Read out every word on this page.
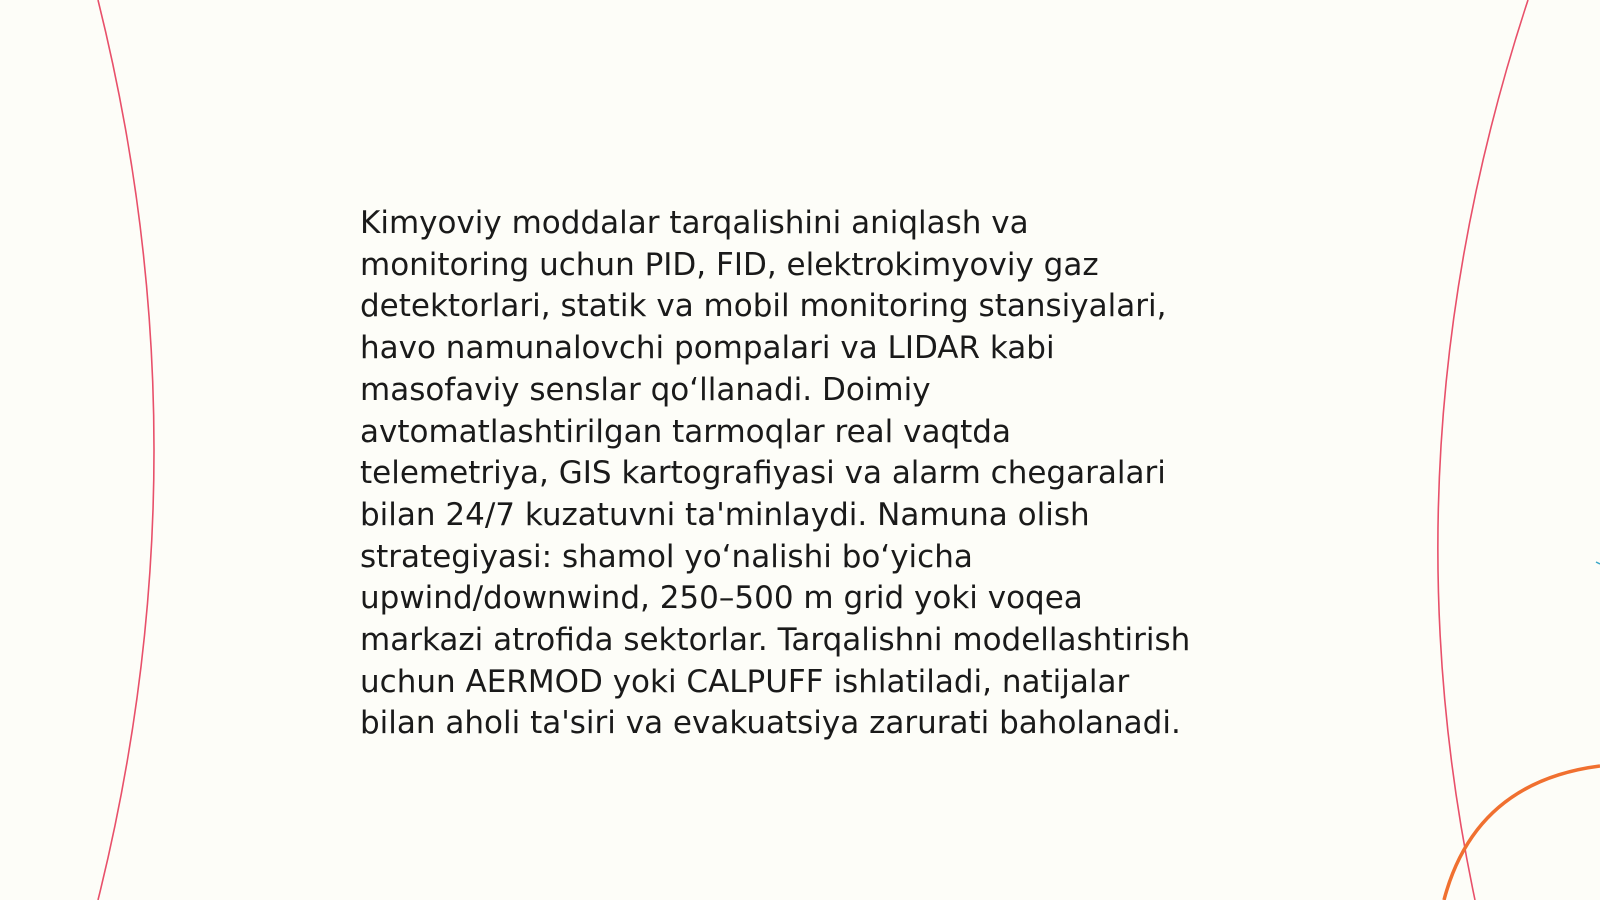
Kimyoviy moddalar tarqalishini aniqlash va
monitoring uchun PID, FID, elektrokimyoviy gaz
detektorlari, statik va mobil monitoring stansiyalari,
havo namunalovchi pompalari va LIDAR kabi
masofaviy senslar qo‘llanadi. Doimiy
avtomatlashtirilgan tarmoqlar real vaqtda
telemetriya, GIS kartografiyasi va alarm chegaralari
bilan 24/7 kuzatuvni ta'minlaydi. Namuna olish
strategiyasi: shamol yo‘nalishi bo‘yicha
upwind/downwind, 250–500 m grid yoki voqea
markazi atrofida sektorlar. Tarqalishni modellashtirish
uchun AERMOD yoki CALPUFF ishlatiladi, natijalar
bilan aholi ta'siri va evakuatsiya zarurati baholanadi.
